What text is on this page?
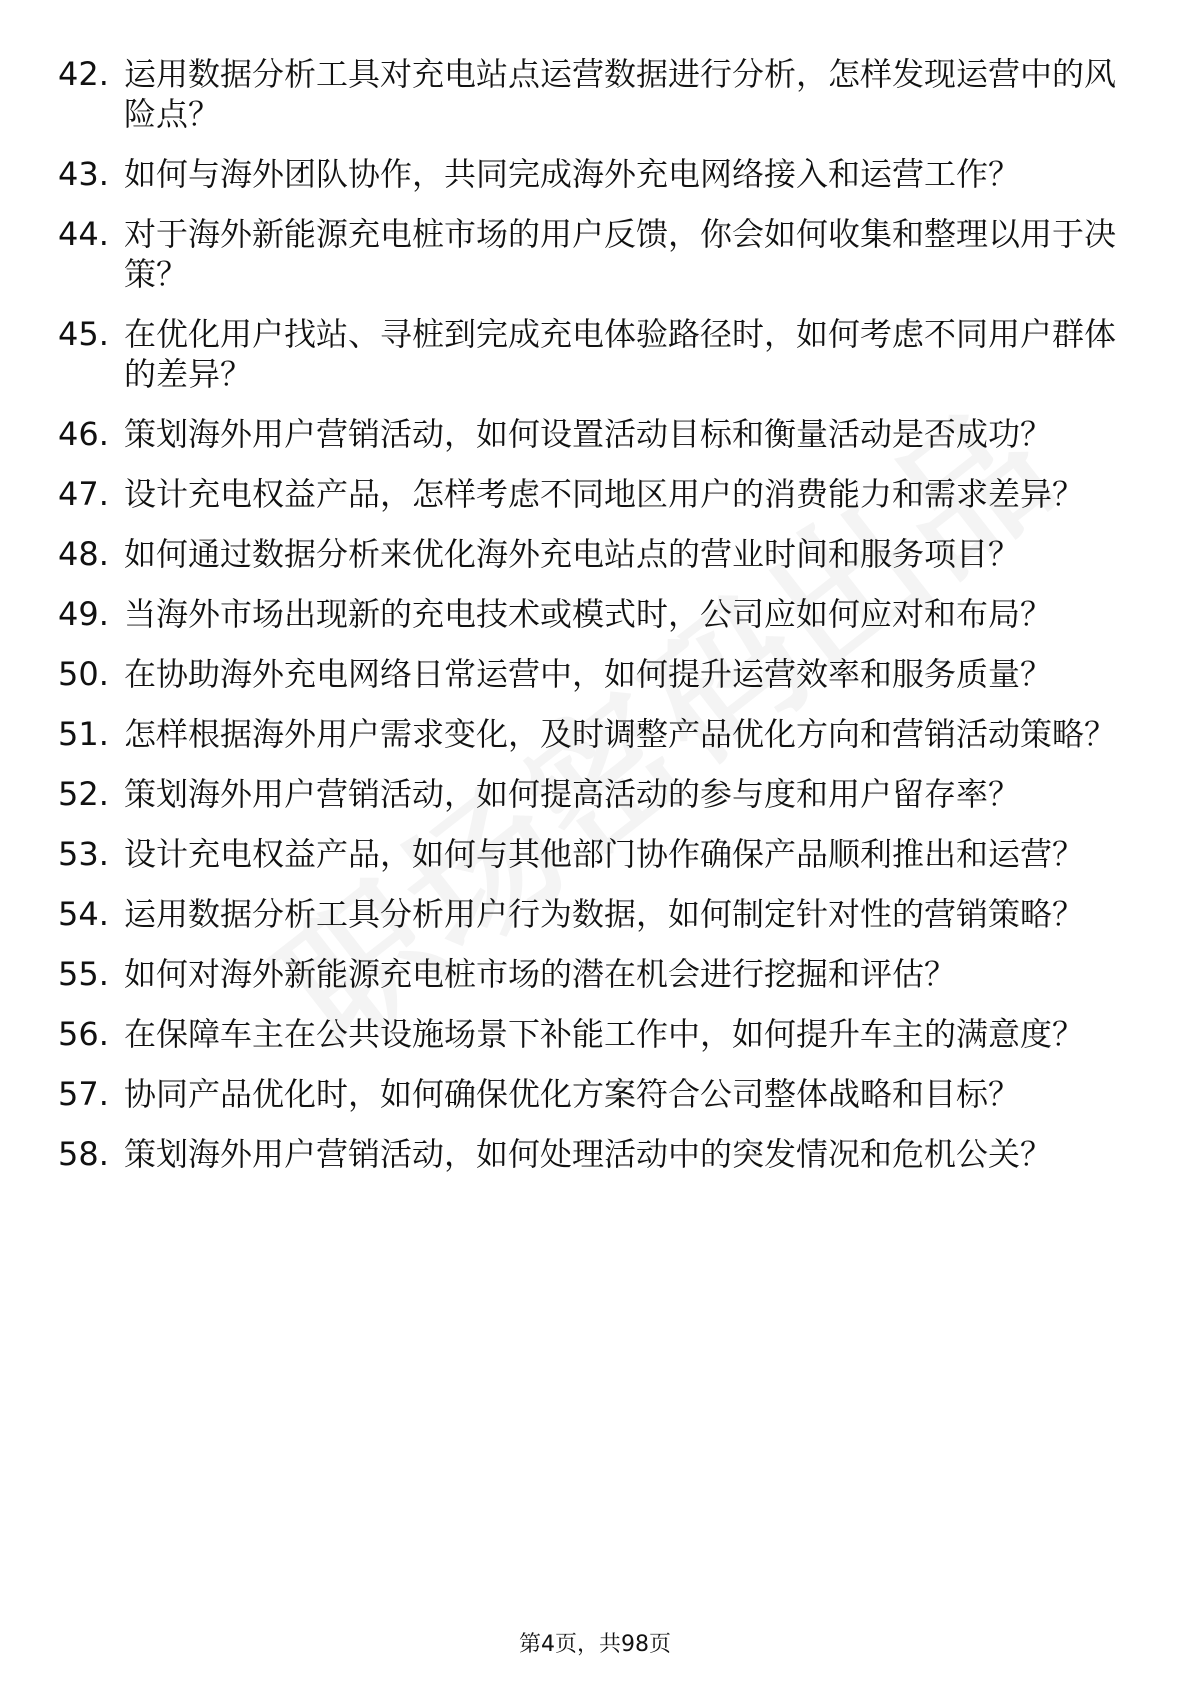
42. 运用数据分析工具对充电站点运营数据进行分析，怎样发现运营中的风险点？
43. 如何与海外团队协作，共同完成海外充电网络接入和运营工作？
44. 对于海外新能源充电桩市场的用户反馈，你会如何收集和整理以用于决策？
45. 在优化用户找站、寻桩到完成充电体验路径时，如何考虑不同用户群体的差异？
46. 策划海外用户营销活动，如何设置活动目标和衡量活动是否成功？
47. 设计充电权益产品，怎样考虑不同地区用户的消费能力和需求差异？
48. 如何通过数据分析来优化海外充电站点的营业时间和服务项目？
49. 当海外市场出现新的充电技术或模式时，公司应如何应对和布局？
50. 在协助海外充电网络日常运营中，如何提升运营效率和服务质量？
51. 怎样根据海外用户需求变化，及时调整产品优化方向和营销活动策略？
52. 策划海外用户营销活动，如何提高活动的参与度和用户留存率？
53. 设计充电权益产品，如何与其他部门协作确保产品顺利推出和运营？
54. 运用数据分析工具分析用户行为数据，如何制定针对性的营销策略？
55. 如何对海外新能源充电桩市场的潜在机会进行挖掘和评估？
56. 在保障车主在公共设施场景下补能工作中，如何提升车主的满意度？
57. 协同产品优化时，如何确保优化方案符合公司整体战略和目标？
58. 策划海外用户营销活动，如何处理活动中的突发情况和危机公关？
第4页，共98页
